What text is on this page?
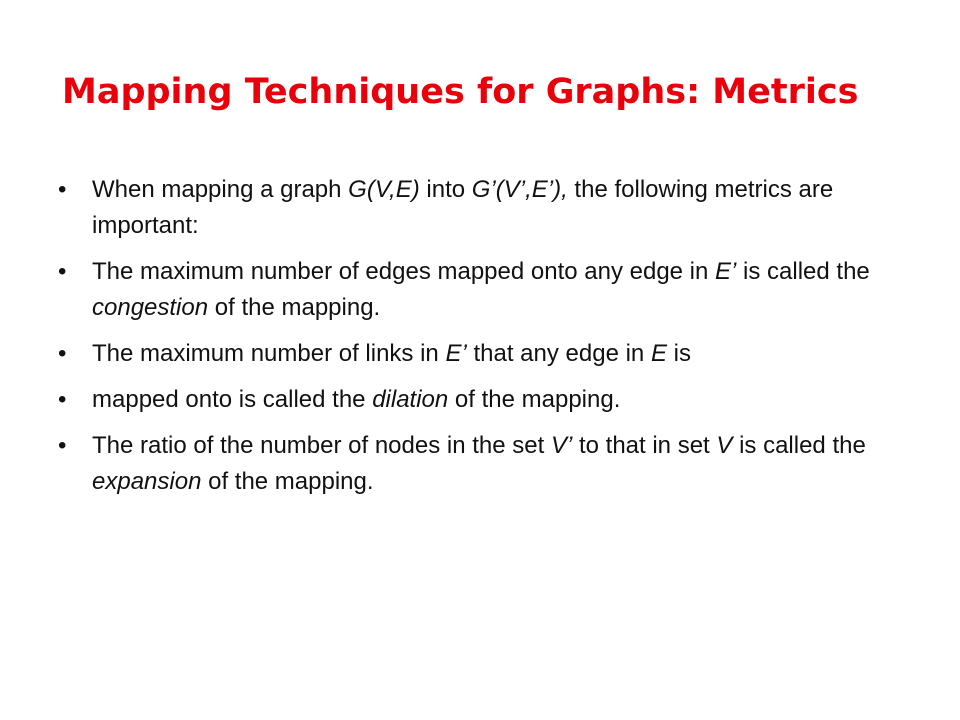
Mapping Techniques for Graphs: Metrics
• When mapping a graph G(V,E) into G’(V’,E’), the following metrics are important:
• The maximum number of edges mapped onto any edge in E’ is called the congestion of the mapping.
• The maximum number of links in E’ that any edge in E is
• mapped onto is called the dilation of the mapping.
• The ratio of the number of nodes in the set V’ to that in set V is called the expansion of the mapping.
